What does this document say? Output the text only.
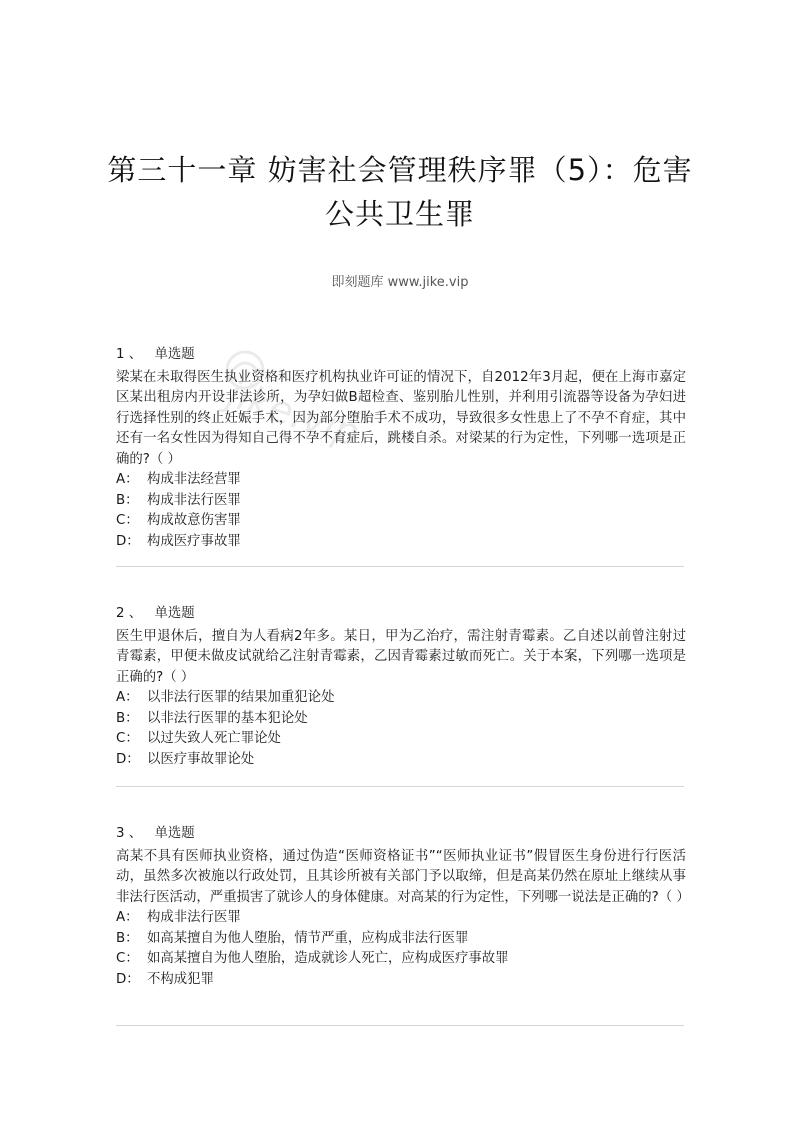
第三十一章 妨害社会管理秩序罪（5）：危害公共卫生罪
即刻题库 www.jike.vip
jike.vip
1 、 单选题
梁某在未取得医生执业资格和医疗机构执业许可证的情况下，自2012年3月起，便在上海市嘉定区某出租房内开设非法诊所，为孕妇做B超检查、鉴别胎儿性别，并利用引流器等设备为孕妇进行选择性别的终止妊娠手术，因为部分堕胎手术不成功，导致很多女性患上了不孕不育症，其中还有一名女性因为得知自己得不孕不育症后，跳楼自杀。对梁某的行为定性，下列哪一选项是正确的?（ ）
A： 构成非法经营罪
B： 构成非法行医罪
C： 构成故意伤害罪
D： 构成医疗事故罪
2 、 单选题
医生甲退休后，擅自为人看病2年多。某日，甲为乙治疗，需注射青霉素。乙自述以前曾注射过青霉素，甲便未做皮试就给乙注射青霉素，乙因青霉素过敏而死亡。关于本案，下列哪一选项是正确的?（ ）
A： 以非法行医罪的结果加重犯论处
B： 以非法行医罪的基本犯论处
C： 以过失致人死亡罪论处
D： 以医疗事故罪论处
3 、 单选题
高某不具有医师执业资格，通过伪造“医师资格证书”“医师执业证书”假冒医生身份进行行医活动，虽然多次被施以行政处罚，且其诊所被有关部门予以取缔，但是高某仍然在原址上继续从事非法行医活动，严重损害了就诊人的身体健康。对高某的行为定性，下列哪一说法是正确的?（ ）
A： 构成非法行医罪
B： 如高某擅自为他人堕胎，情节严重，应构成非法行医罪
C： 如高某擅自为他人堕胎，造成就诊人死亡，应构成医疗事故罪
D： 不构成犯罪
